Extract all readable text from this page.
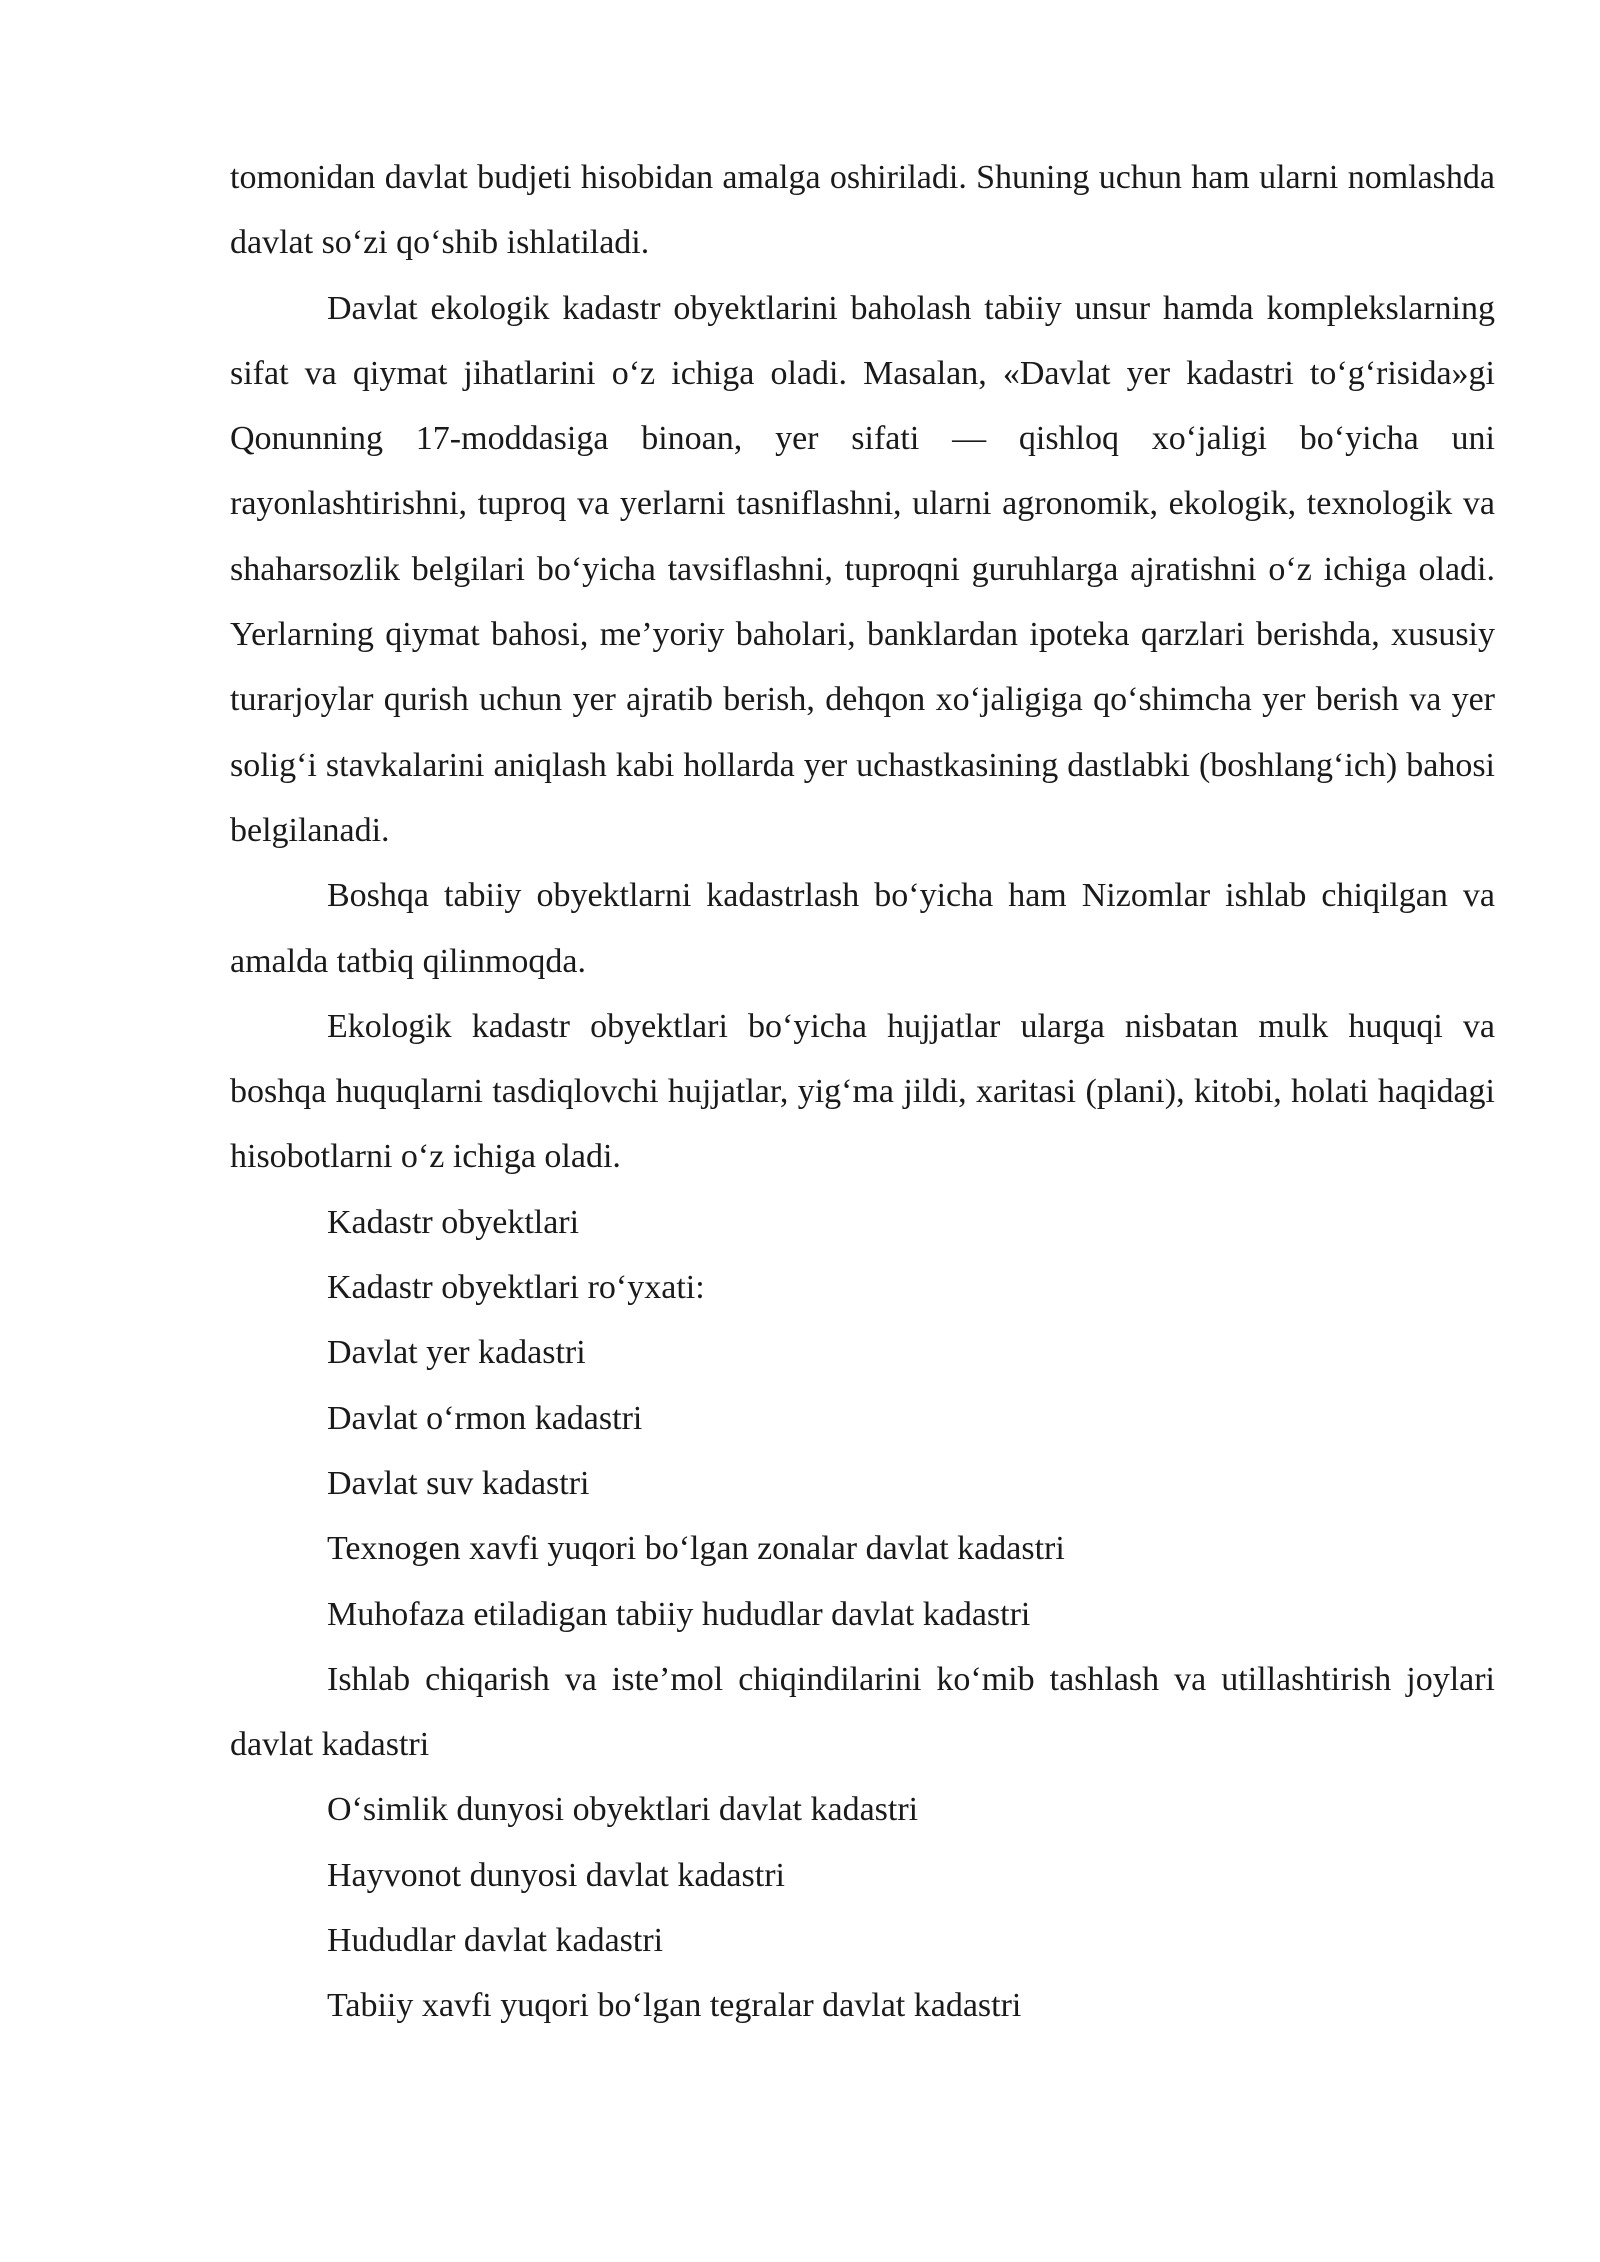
tomonidan davlat budjeti hisobidan amalga oshiriladi. Shuning uchun ham ularni nomlashda davlat so‘zi qo‘shib ishlatiladi.

Davlat ekologik kadastr obyektlarini baholash tabiiy unsur hamda komplekslarning sifat va qiymat jihatlarini o‘z ichiga oladi. Masalan, «Davlat yer kadastri to‘g‘risida»gi Qonunning 17-moddasiga binoan, yer sifati — qishloq xo‘jaligi bo‘yicha uni rayonlashtirishni, tuproq va yerlarni tasniflashni, ularni agronomik, ekologik, texnologik va shaharsozlik belgilari bo‘yicha tavsiflashni, tuproqni guruhlarga ajratishni o‘z ichiga oladi. Yerlarning qiymat bahosi, me’yoriy baholari, banklardan ipoteka qarzlari berishda, xususiy turarjoylar qurish uchun yer ajratib berish, dehqon xo‘jaligiga qo‘shimcha yer berish va yer solig‘i stavkalarini aniqlash kabi hollarda yer uchastkasining dastlabki (boshlang‘ich) bahosi belgilanadi.

Boshqa tabiiy obyektlarni kadastrlash bo‘yicha ham Nizomlar ishlab chiqilgan va amalda tatbiq qilinmoqda.

Ekologik kadastr obyektlari bo‘yicha hujjatlar ularga nisbatan mulk huquqi va boshqa huquqlarni tasdiqlovchi hujjatlar, yig‘ma jildi, xaritasi (plani), kitobi, holati haqidagi hisobotlarni o‘z ichiga oladi.

Kadastr obyektlari

Kadastr obyektlari ro‘yxati:

Davlat yer kadastri

Davlat o‘rmon kadastri

Davlat suv kadastri

Texnogen xavfi yuqori bo‘lgan zonalar davlat kadastri

Muhofaza etiladigan tabiiy hududlar davlat kadastri

Ishlab chiqarish va iste’mol chiqindilarini ko‘mib tashlash va utillashtirish joylari davlat kadastri

O‘simlik dunyosi obyektlari davlat kadastri

Hayvonot dunyosi davlat kadastri

Hududlar davlat kadastri

Tabiiy xavfi yuqori bo‘lgan tegralar davlat kadastri
